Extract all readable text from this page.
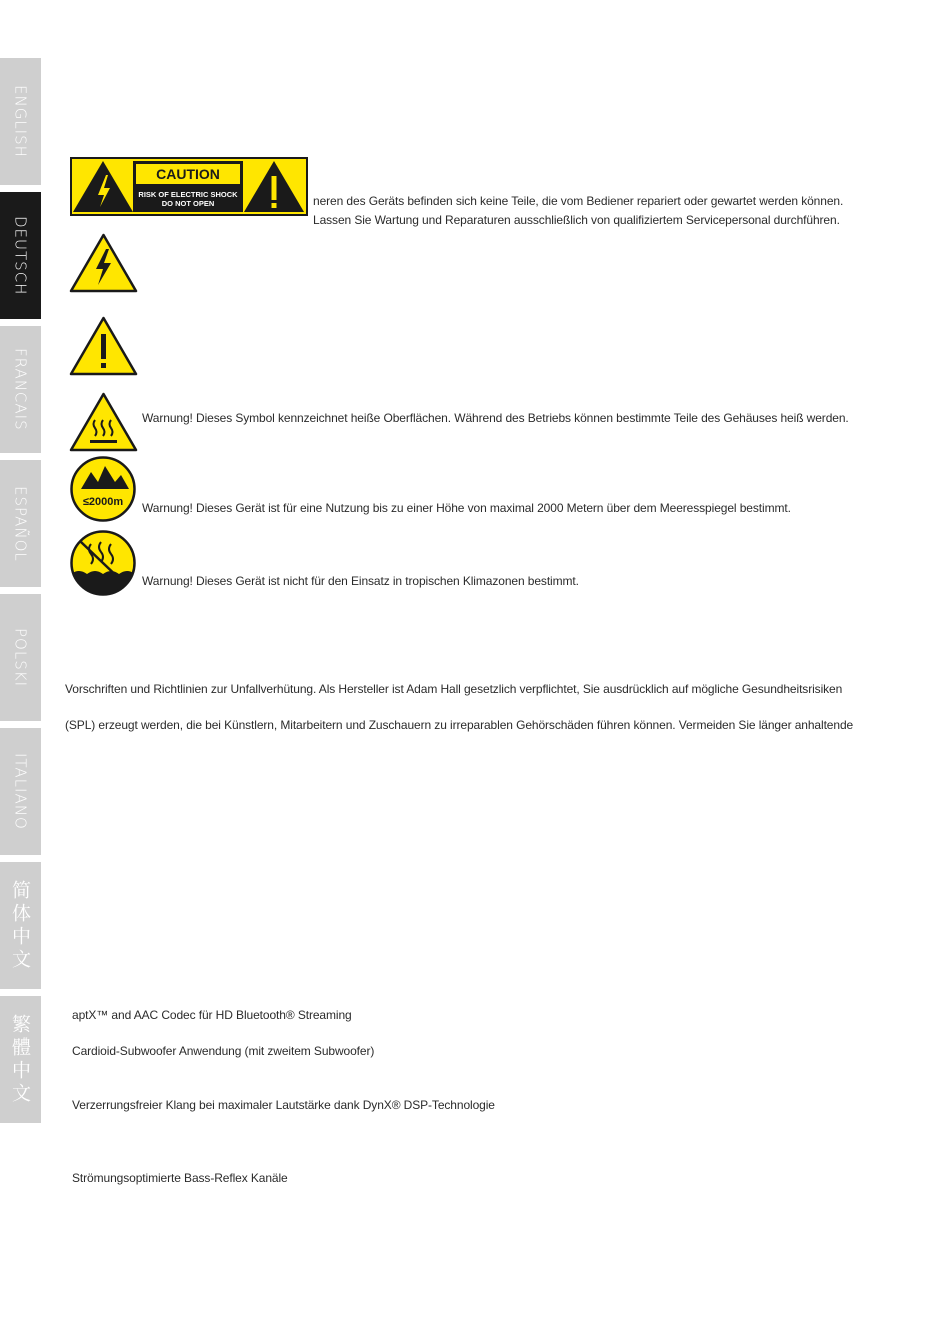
ENGLISH
DEUTSCH
FRANCAIS
ESPAÑOL
POLSKI
ITALIANO
简体中文
繁體中文
CAUTION
RISK OF ELECTRIC SHOCK
DO NOT OPEN	neren des Geräts befinden sich keine Teile, die vom Bediener repariert oder gewartet werden können.
Lassen Sie Wartung und Reparaturen ausschließlich von qualifiziertem Servicepersonal durchführen.
Warnung! Dieses Symbol kennzeichnet heiße Oberflächen. Während des Betriebs können bestimmte Teile des Gehäuses heiß werden.
≤2000m Warnung! Dieses Gerät ist für eine Nutzung bis zu einer Höhe von maximal 2000 Metern über dem Meeresspiegel bestimmt.
Warnung! Dieses Gerät ist nicht für den Einsatz in tropischen Klimazonen bestimmt.
Vorschriften und Richtlinien zur Unfallverhütung. Als Hersteller ist Adam Hall gesetzlich verpflichtet, Sie ausdrücklich auf mögliche Gesundheitsrisiken
(SPL) erzeugt werden, die bei Künstlern, Mitarbeitern und Zuschauern zu irreparablen Gehörschäden führen können. Vermeiden Sie länger anhaltende
aptX™ and AAC Codec für HD Bluetooth® Streaming
Cardioid-Subwoofer Anwendung (mit zweitem Subwoofer)
Verzerrungsfreier Klang bei maximaler Lautstärke dank DynX® DSP-Technologie
Strömungsoptimierte Bass-Reflex Kanäle
